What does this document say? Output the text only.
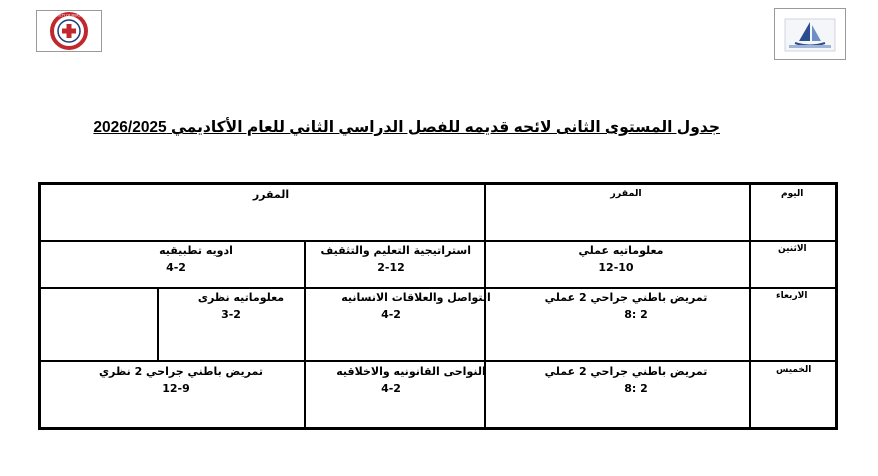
FACULTY OF NURSING
جدول المستوى الثانى لائحه قديمه للفصل الدراسي الثاني للعام الأكاديمي 2026/2025
اليوم
المقرر
المقرر
الاثنين
معلوماتيه عملي
12-10
استراتيجية التعليم والتثقيف
2-12
ادويه تطبيقيه
4-2
الاربعاء
تمريض باطني جراحي 2 عملي
8: 2
التواصل والعلاقات الانسانيه
4-2
معلوماتيه نظرى
3-2
الخميس
تمريض باطني جراحي 2 عملي
8: 2
النواحى القانونيه والاخلاقيه
4-2
تمريض باطني جراحي 2 نظري
12-9
